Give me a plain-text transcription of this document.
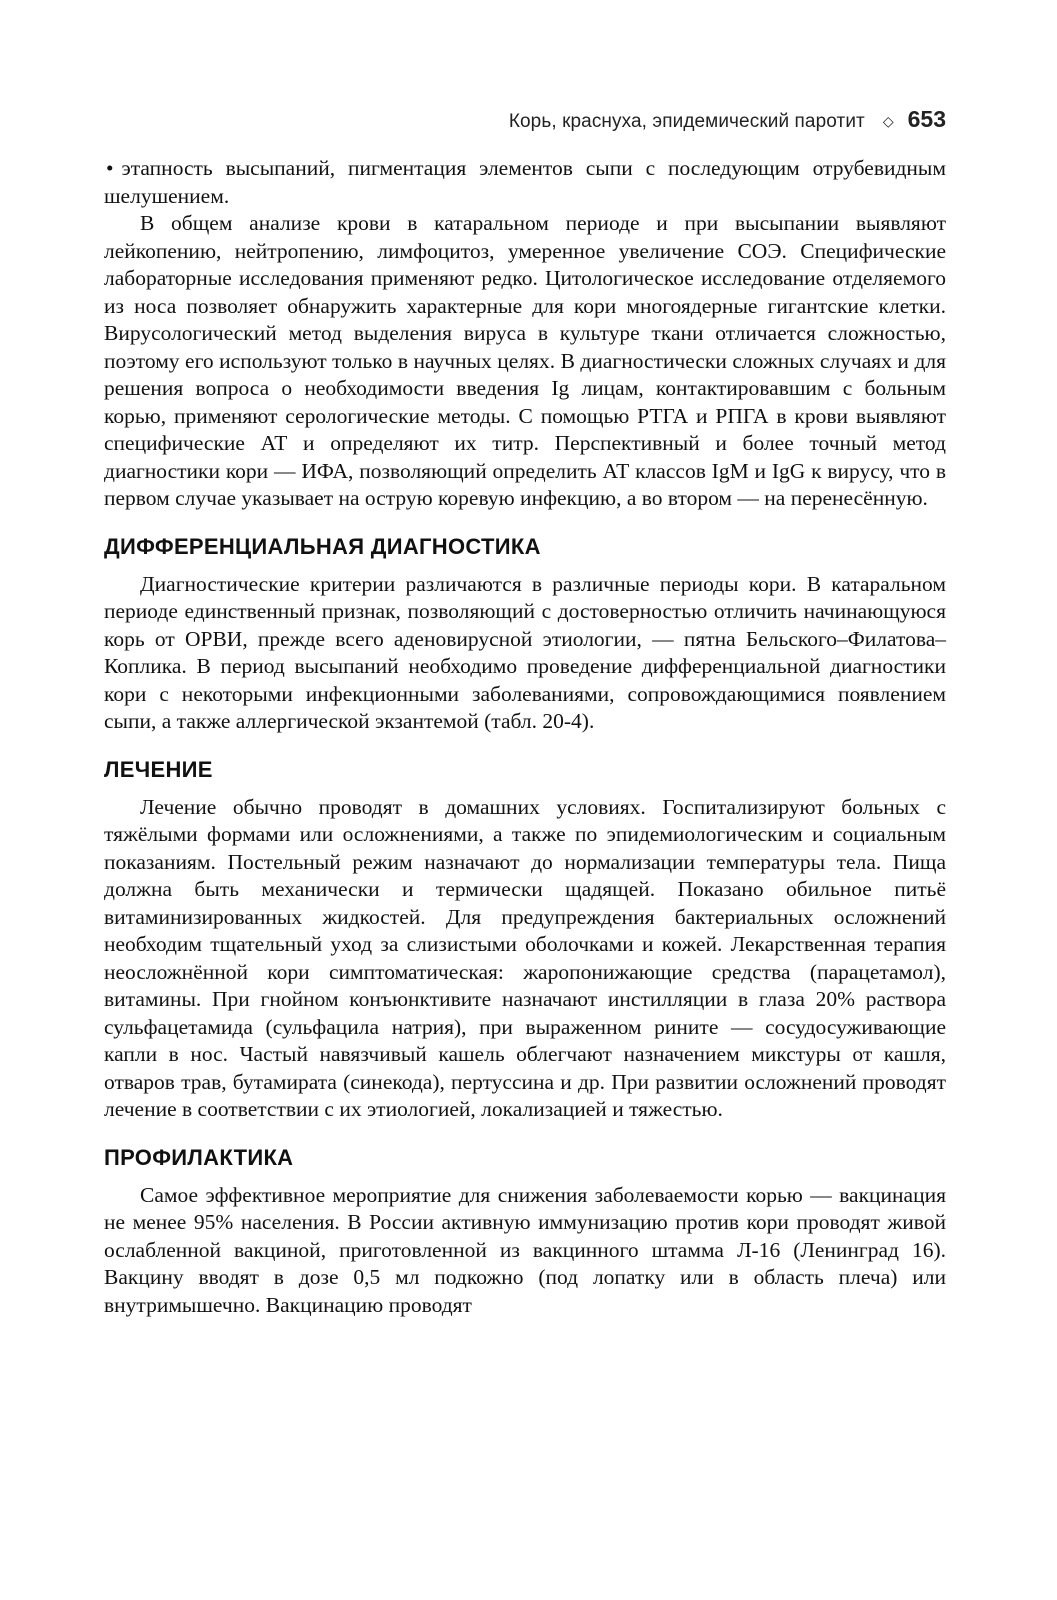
Корь, краснуха, эпидемический паротит ◇ 653

• этапность высыпаний, пигментация элементов сыпи с последующим отрубевидным шелушением.

В общем анализе крови в катаральном периоде и при высыпании выявляют лейкопению, нейтропению, лимфоцитоз, умеренное увеличение СОЭ. Специфические лабораторные исследования применяют редко. Цитологическое исследование отделяемого из носа позволяет обнаружить характерные для кори многоядерные гигантские клетки. Вирусологический метод выделения вируса в культуре ткани отличается сложностью, поэтому его используют только в научных целях. В диагностически сложных случаях и для решения вопроса о необходимости введения Ig лицам, контактировавшим с больным корью, применяют серологические методы. С помощью РТГА и РПГА в крови выявляют специфические АТ и определяют их титр. Перспективный и более точный метод диагностики кори — ИФА, позволяющий определить АТ классов IgM и IgG к вирусу, что в первом случае указывает на острую коревую инфекцию, а во втором — на перенесённую.

ДИФФЕРЕНЦИАЛЬНАЯ ДИАГНОСТИКА

Диагностические критерии различаются в различные периоды кори. В катаральном периоде единственный признак, позволяющий с достоверностью отличить начинающуюся корь от ОРВИ, прежде всего аденовирусной этиологии, — пятна Бельского–Филатова–Коплика. В период высыпаний необходимо проведение дифференциальной диагностики кори с некоторыми инфекционными заболеваниями, сопровождающимися появлением сыпи, а также аллергической экзантемой (табл. 20-4).

ЛЕЧЕНИЕ

Лечение обычно проводят в домашних условиях. Госпитализируют больных с тяжёлыми формами или осложнениями, а также по эпидемиологическим и социальным показаниям. Постельный режим назначают до нормализации температуры тела. Пища должна быть механически и термически щадящей. Показано обильное питьё витаминизированных жидкостей. Для предупреждения бактериальных осложнений необходим тщательный уход за слизистыми оболочками и кожей. Лекарственная терапия неосложнённой кори симптоматическая: жаропонижающие средства (парацетамол), витамины. При гнойном конъюнктивите назначают инстилляции в глаза 20% раствора сульфацетамида (сульфацила натрия), при выраженном рините — сосудосуживающие капли в нос. Частый навязчивый кашель облегчают назначением микстуры от кашля, отваров трав, бутамирата (синекода), пертуссина и др. При развитии осложнений проводят лечение в соответствии с их этиологией, локализацией и тяжестью.

ПРОФИЛАКТИКА

Самое эффективное мероприятие для снижения заболеваемости корью — вакцинация не менее 95% населения. В России активную иммунизацию против кори проводят живой ослабленной вакциной, приготовленной из вакцинного штамма Л-16 (Ленинград 16). Вакцину вводят в дозе 0,5 мл подкожно (под лопатку или в область плеча) или внутримышечно. Вакцинацию проводят
